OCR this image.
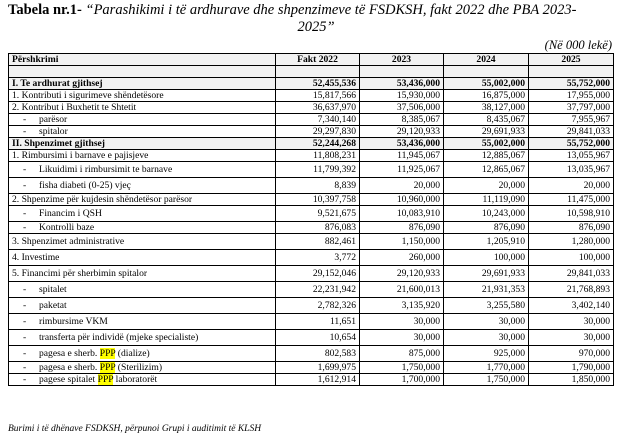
Tabela nr.1- “Parashikimi i të ardhurave dhe shpenzimeve të FSDKSH, fakt 2022 dhe PBA 2023-
2025”
(Në 000 lekë)
Përshkrimi	Fakt 2022	2023	2024	2025

I. Te ardhurat gjithsej	52,455,536	53,436,000	55,002,000	55,752,000
1. Kontributi i sigurimeve shëndetësore	15,817,566	15,930,000	16,875,000	17,955,000
2. Kontribut i Buxhetit te Shtetit	36,637,970	37,506,000	38,127,000	37,797,000
- parësor	7,340,140	8,385,067	8,435,067	7,955,967
- spitalor	29,297,830	29,120,933	29,691,933	29,841,033
II. Shpenzimet gjithsej	52,244,268	53,436,000	55,002,000	55,752,000
1. Rimbursimi i barnave e pajisjeve	11,808,231	11,945,067	12,885,067	13,055,967
- Likuidimi i rimbursimit te barnave	11,799,392	11,925,067	12,865,067	13,035,967
- fisha diabeti (0-25) vjeç	8,839	20,000	20,000	20,000
2. Shpenzime për kujdesin shëndetësor parësor	10,397,758	10,960,000	11,119,090	11,475,000
- Financim i QSH	9,521,675	10,083,910	10,243,000	10,598,910
- Kontrolli baze	876,083	876,090	876,090	876,090
3. Shpenzimet administrative	882,461	1,150,000	1,205,910	1,280,000
4. Investime	3,772	260,000	100,000	100,000
5. Financimi për sherbimin spitalor	29,152,046	29,120,933	29,691,933	29,841,033
- spitalet	22,231,942	21,600,013	21,931,353	21,768,893
- paketat	2,782,326	3,135,920	3,255,580	3,402,140
- rimbursime VKM	11,651	30,000	30,000	30,000
- transferta për individë (mjeke specialiste)	10,654	30,000	30,000	30,000
- pagesa e sherb. PPP (dialize)	802,583	875,000	925,000	970,000
- pagesa e sherb. PPP (Sterilizim)	1,699,975	1,750,000	1,770,000	1,790,000
- pagese spitalet PPP laboratorët	1,612,914	1,700,000	1,750,000	1,850,000
Burimi i të dhënave FSDKSH, përpunoi Grupi i auditimit të KLSH
